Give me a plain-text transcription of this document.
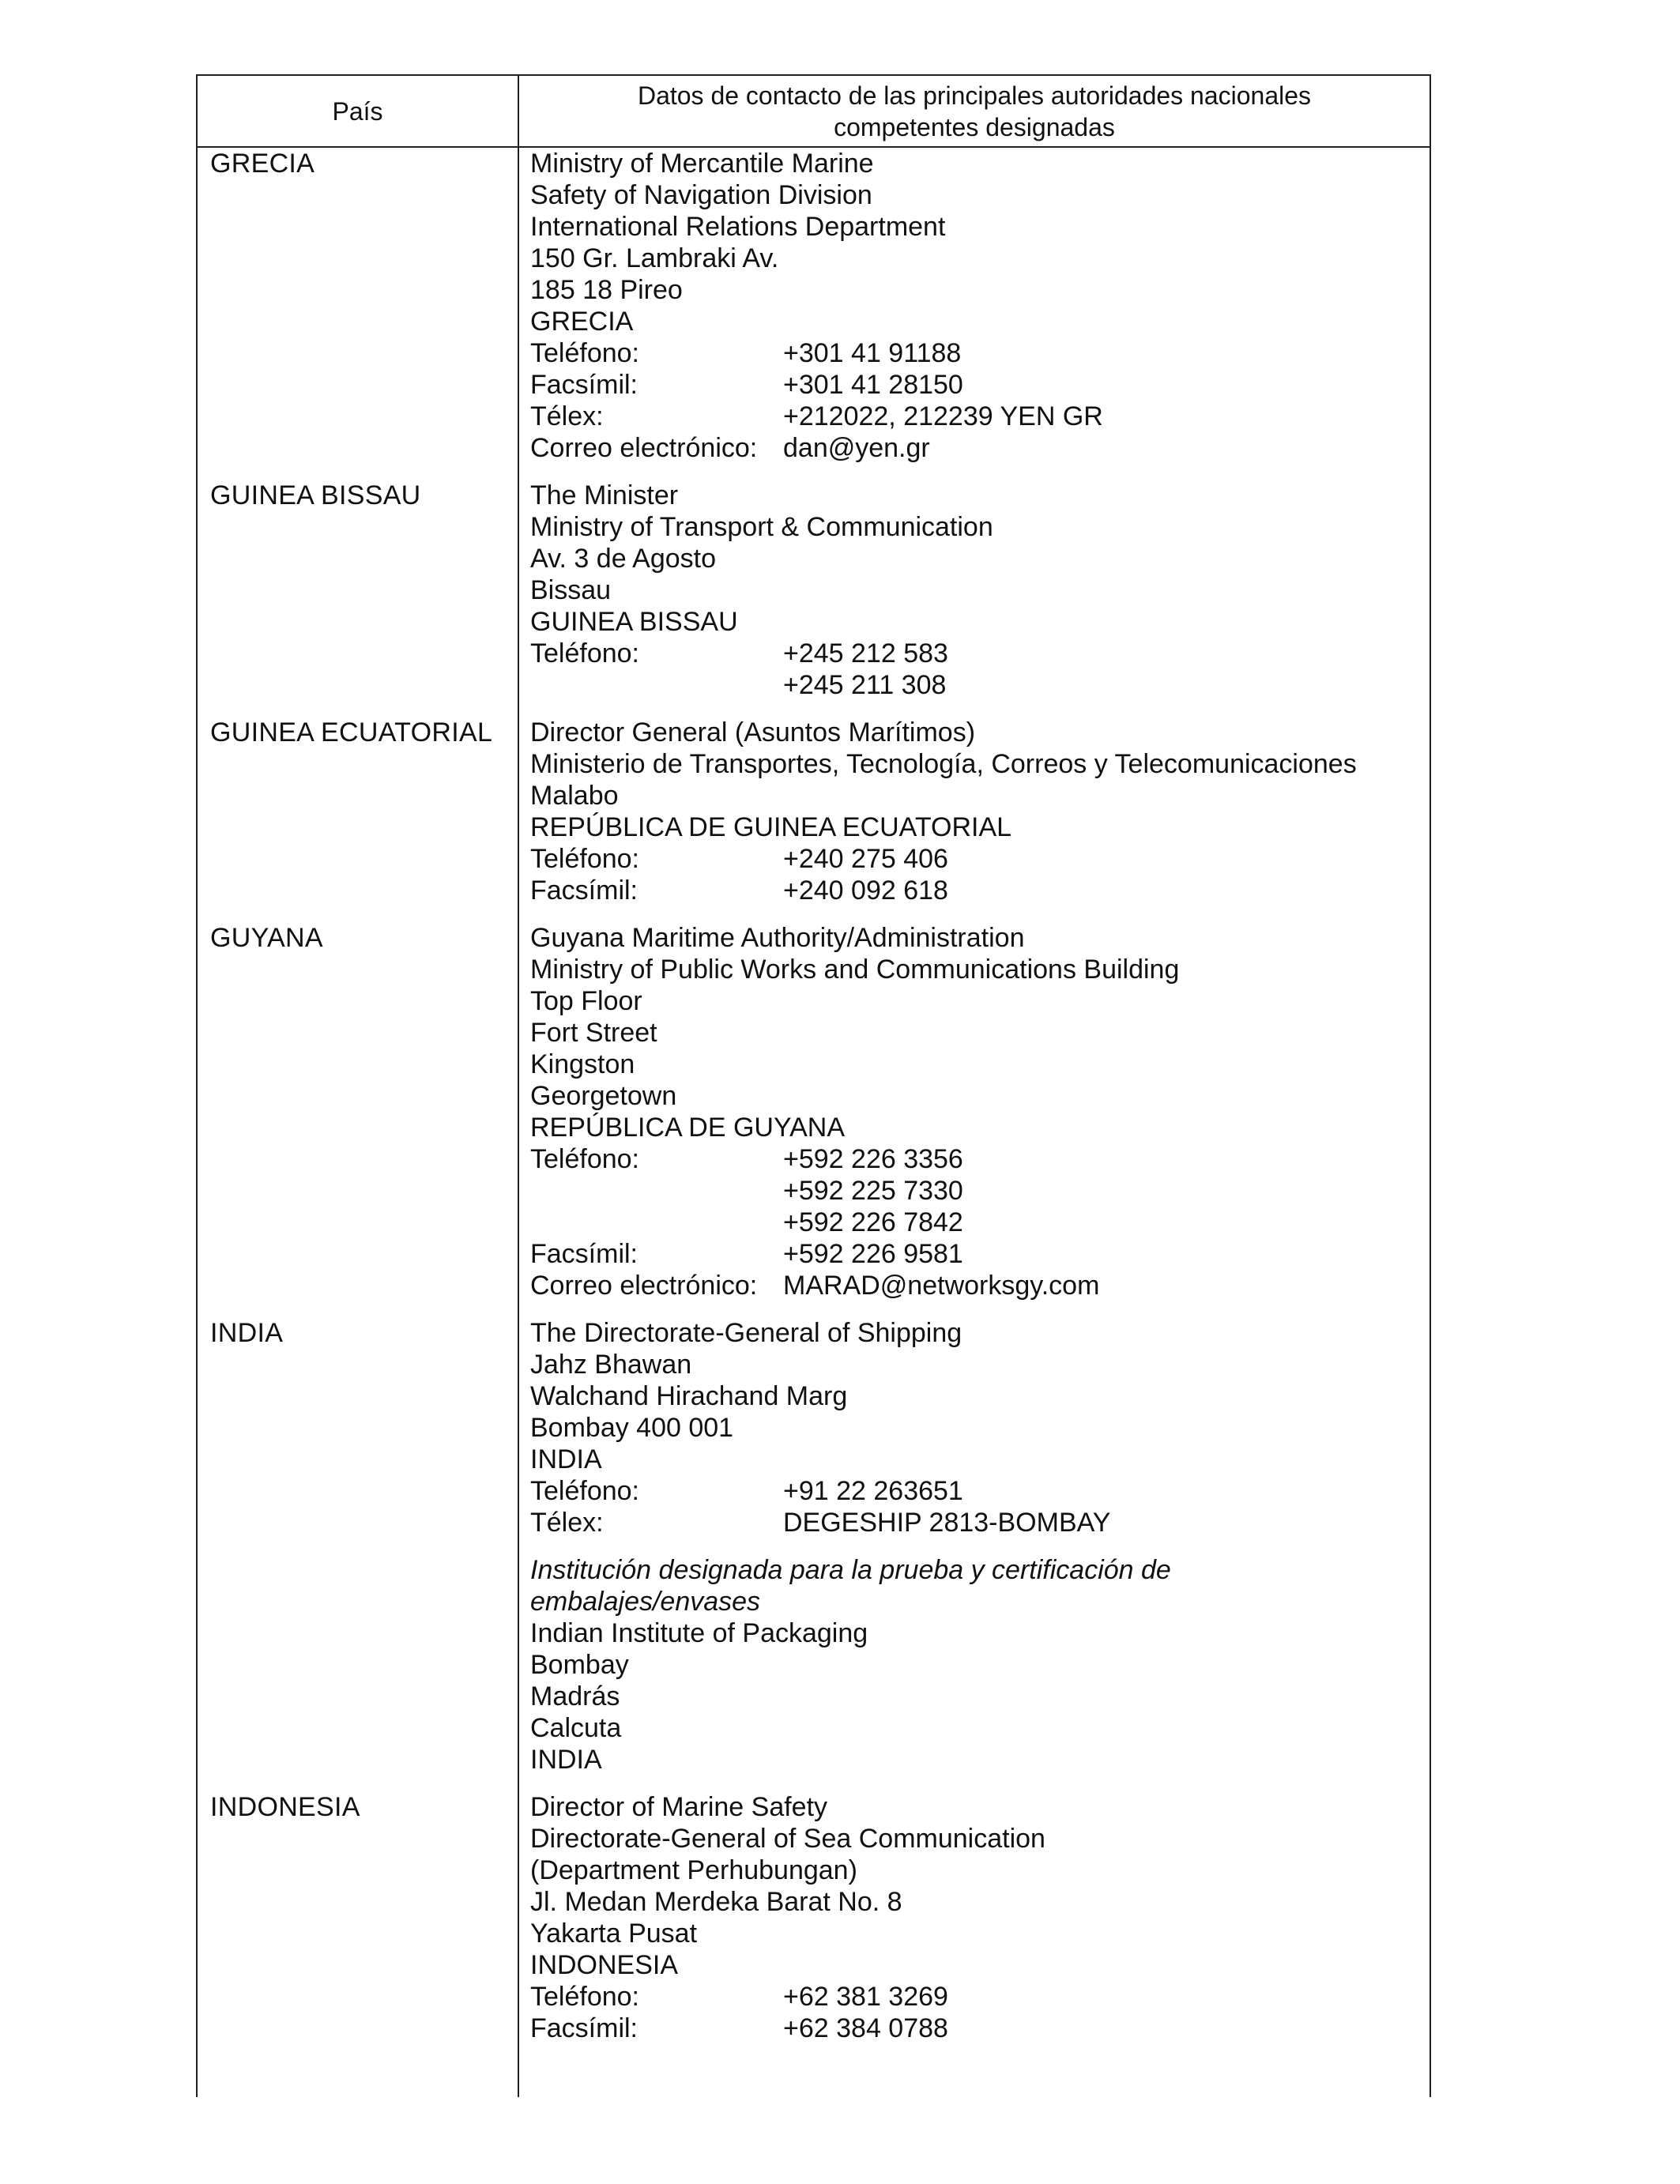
País
Datos de contacto de las principales autoridades nacionales competentes designadas
GRECIA	Ministry of Mercantile Marine
Safety of Navigation Division
International Relations Department
150 Gr. Lambraki Av.
185 18 Pireo
GRECIA
Teléfono:	+301 41 91188
Facsímil:	+301 41 28150
Télex:	+212022, 212239 YEN GR
Correo electrónico: dan@yen.gr
GUINEA BISSAU	The Minister
Ministry of Transport & Communication
Av. 3 de Agosto
Bissau
GUINEA BISSAU
Teléfono:	+245 212 583
+245 211 308
GUINEA ECUATORIAL	Director General (Asuntos Marítimos)
Ministerio de Transportes, Tecnología, Correos y Telecomunicaciones
Malabo
REPÚBLICA DE GUINEA ECUATORIAL
Teléfono:	+240 275 406
Facsímil:	+240 092 618
GUYANA	Guyana Maritime Authority/Administration
Ministry of Public Works and Communications Building
Top Floor
Fort Street
Kingston
Georgetown
REPÚBLICA DE GUYANA
Teléfono:	+592 226 3356
+592 225 7330
+592 226 7842
Facsímil:	+592 226 9581
Correo electrónico: MARAD@networksgy.com
INDIA	The Directorate-General of Shipping
Jahz Bhawan
Walchand Hirachand Marg
Bombay 400 001
INDIA
Teléfono:	+91 22 263651
Télex:	DEGESHIP 2813-BOMBAY
Institución designada para la prueba y certificación de
embalajes/envases
Indian Institute of Packaging
Bombay
Madrás
Calcuta
INDIA
INDONESIA	Director of Marine Safety
Directorate-General of Sea Communication
(Department Perhubungan)
Jl. Medan Merdeka Barat No. 8
Yakarta Pusat
INDONESIA
Teléfono:	+62 381 3269
Facsímil:	+62 384 0788
